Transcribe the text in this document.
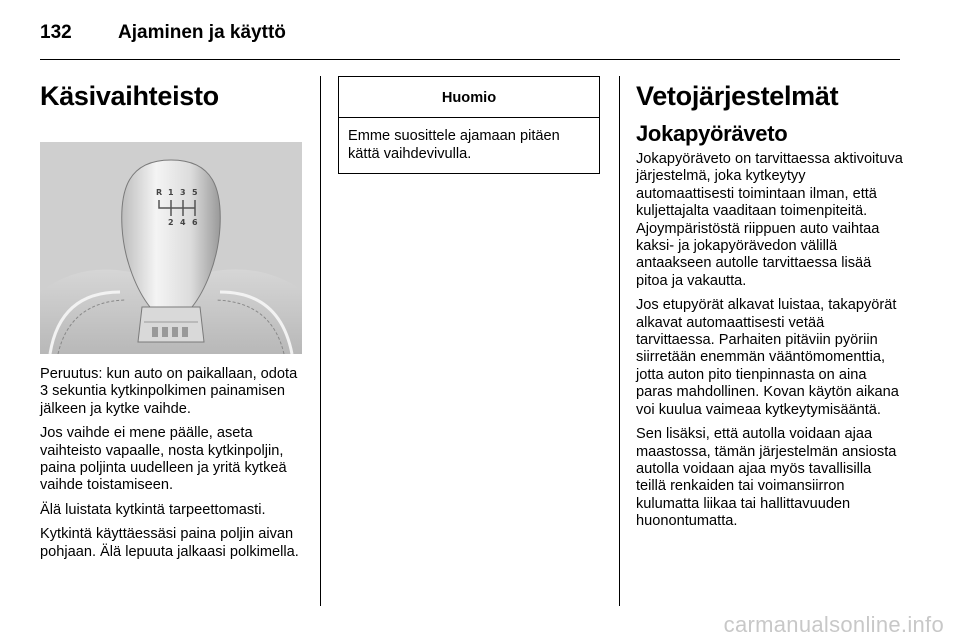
132 Ajaminen ja käyttö
Käsivaihteisto
R 1 3 5
2 4 6

Peruutus: kun auto on paikallaan, odota 3 sekuntia kytkinpolkimen painamisen jälkeen ja kytke vaihde.

Jos vaihde ei mene päälle, aseta vaihteisto vapaalle, nosta kytkinpoljin, paina poljinta uudelleen ja yritä kytkeä vaihde toistamiseen.

Älä luistata kytkintä tarpeettomasti.

Kytkintä käyttäessäsi paina poljin aivan pohjaan. Älä lepuuta jalkaasi polkimella.

Huomio
Emme suosittele ajamaan pitäen kättä vaihdevivulla.
Vetojärjestelmät
Jokapyöräveto

Jokapyöräveto on tarvittaessa aktivoituva järjestelmä, joka kytkeytyy automaattisesti toimintaan ilman, että kuljettajalta vaaditaan toimenpiteitä. Ajoympäristöstä riippuen auto vaihtaa kaksi- ja jokapyörävedon välillä antaakseen autolle tarvittaessa lisää pitoa ja vakautta.

Jos etupyörät alkavat luistaa, takapyörät alkavat automaattisesti vetää tarvittaessa. Parhaiten pitäviin pyöriin siirretään enemmän vääntömomenttia, jotta auton pito tienpinnasta on aina paras mahdollinen. Kovan käytön aikana voi kuulua vaimeaa kytkeytymisääntä.

Sen lisäksi, että autolla voidaan ajaa maastossa, tämän järjestelmän ansiosta autolla voidaan ajaa myös tavallisilla teillä renkaiden tai voimansiirron kulumatta liikaa tai hallittavuuden huonontumatta.

carmanualsonline.info
